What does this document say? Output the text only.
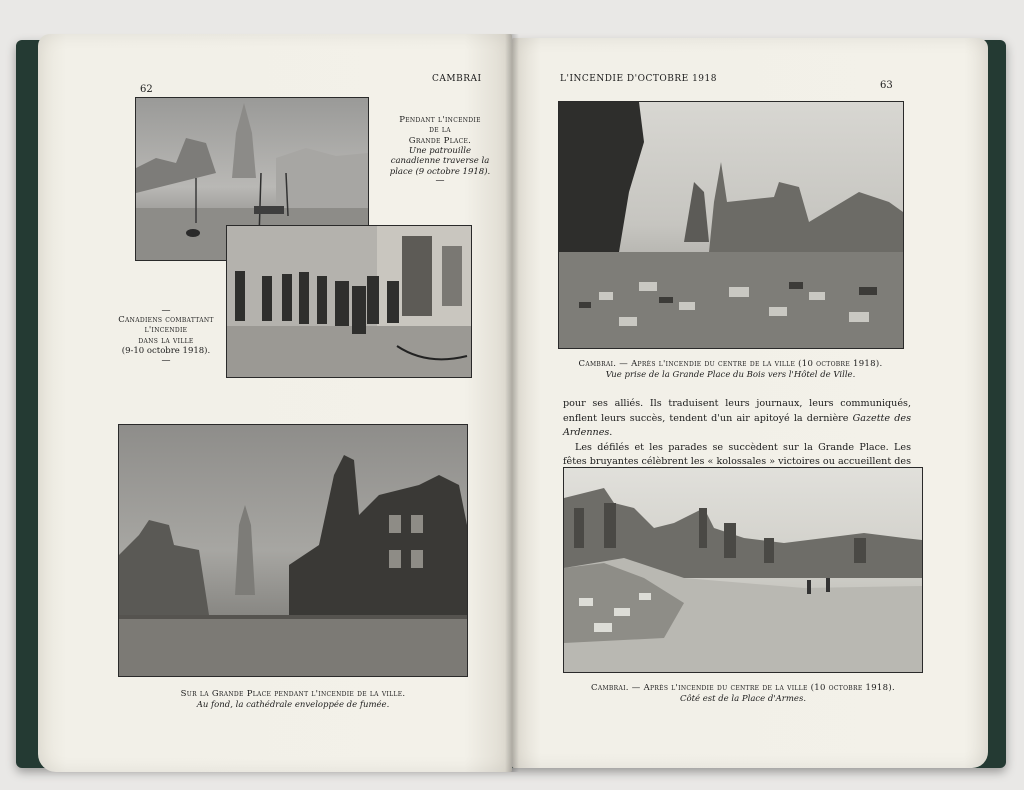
62
CAMBRAI
Pendant l'incendie
de la
Grande Place.
Une patrouille
canadienne traverse la
place (9 octobre 1918).
—
—
Canadiens combattant
l'incendie
dans la ville
(9-10 octobre 1918).
—
Sur la Grande Place pendant l'incendie de la ville.
Au fond, la cathédrale enveloppée de fumée.
L'INCENDIE D'OCTOBRE 1918
63
Cambrai. — Après l'incendie du centre de la ville (10 octobre 1918).
Vue prise de la Grande Place du Bois vers l'Hôtel de Ville.

pour ses alliés. Ils traduisent leurs journaux, leurs communiqués, enflent leurs succès, tendent d'un air apitoyé la dernière Gazette des Ardennes.

Les défilés et les parades se succèdent sur la Grande Place. Les fêtes bruyantes célèbrent les « kolossales » victoires ou accueillent des

Cambrai. — Après l'incendie du centre de la ville (10 octobre 1918).
Côté est de la Place d'Armes.
